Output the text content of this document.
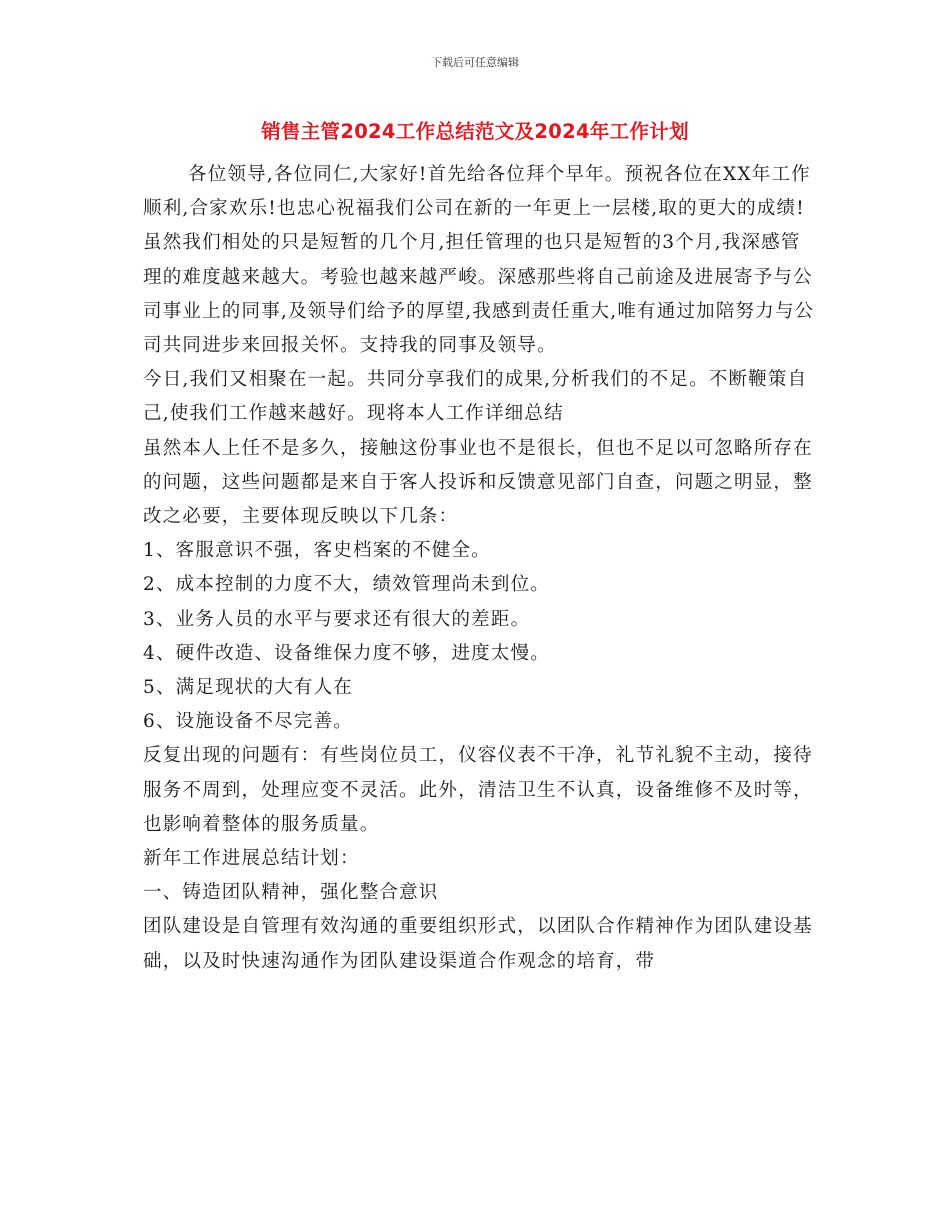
下载后可任意编辑
销售主管2024工作总结范文及2024年工作计划

各位领导,各位同仁,大家好!首先给各位拜个早年。预祝各位在XX年工作顺利,合家欢乐!也忠心祝福我们公司在新的一年更上一层楼,取的更大的成绩!

虽然我们相处的只是短暂的几个月,担任管理的也只是短暂的3个月,我深感管理的难度越来越大。考验也越来越严峻。深感那些将自己前途及进展寄予与公司事业上的同事,及领导们给予的厚望,我感到责任重大,唯有通过加陪努力与公司共同进步来回报关怀。支持我的同事及领导。

今日,我们又相聚在一起。共同分享我们的成果,分析我们的不足。不断鞭策自己,使我们工作越来越好。现将本人工作详细总结

虽然本人上任不是多久，接触这份事业也不是很长，但也不足以可忽略所存在的问题，这些问题都是来自于客人投诉和反馈意见部门自查，问题之明显，整改之必要，主要体现反映以下几条：

1、客服意识不强，客史档案的不健全。

2、成本控制的力度不大，绩效管理尚未到位。

3、业务人员的水平与要求还有很大的差距。

4、硬件改造、设备维保力度不够，进度太慢。

5、满足现状的大有人在

6、设施设备不尽完善。

反复出现的问题有：有些岗位员工，仪容仪表不干净，礼节礼貌不主动，接待服务不周到，处理应变不灵活。此外，清洁卫生不认真，设备维修不及时等，也影响着整体的服务质量。

新年工作进展总结计划：

一、铸造团队精神，强化整合意识

团队建设是自管理有效沟通的重要组织形式，以团队合作精神作为团队建设基础，以及时快速沟通作为团队建设渠道合作观念的培育，带
